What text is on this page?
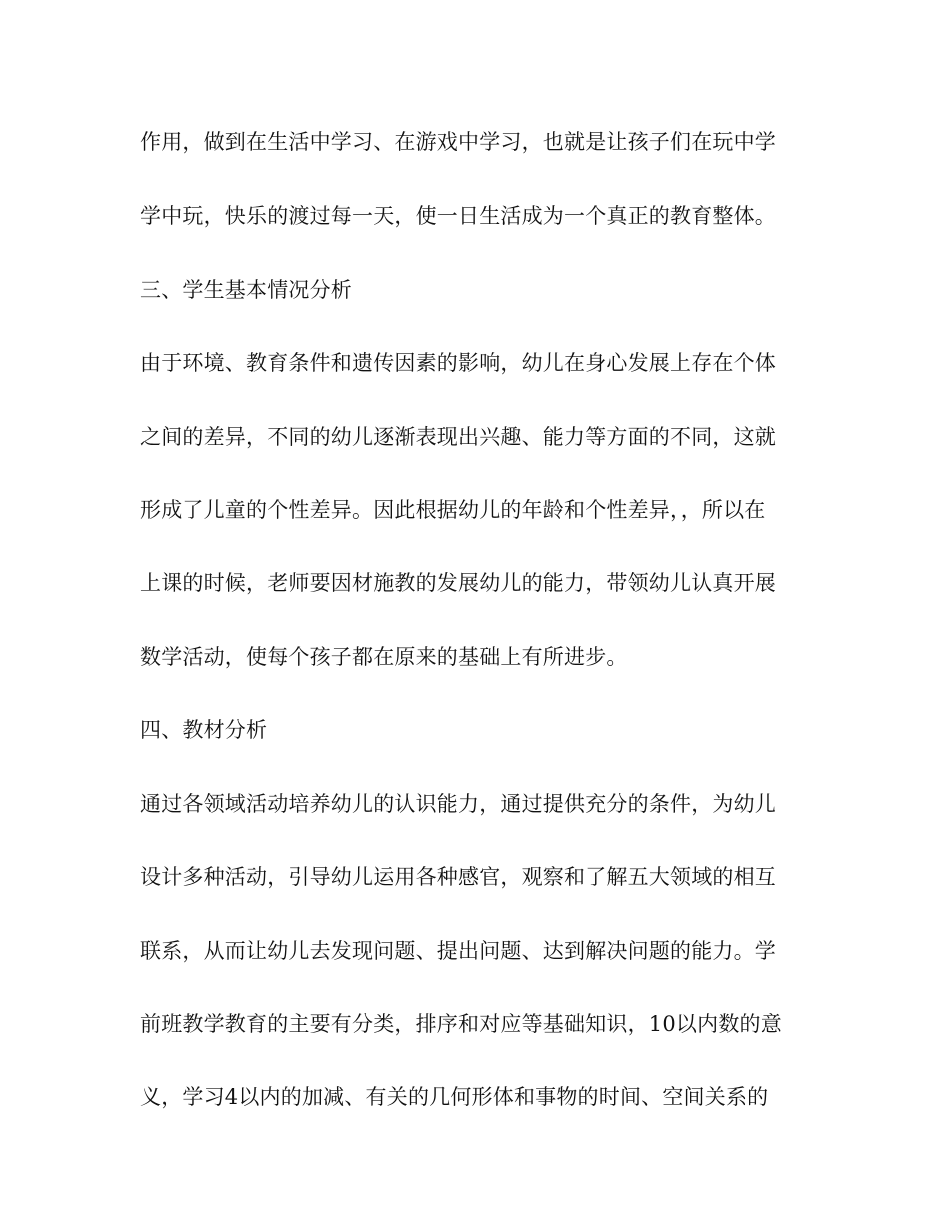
作用，做到在生活中学习、在游戏中学习，也就是让孩子们在玩中学
学中玩，快乐的渡过每一天，使一日生活成为一个真正的教育整体。
三、学生基本情况分析
由于环境、教育条件和遗传因素的影响，幼儿在身心发展上存在个体
之间的差异，不同的幼儿逐渐表现出兴趣、能力等方面的不同，这就
形成了儿童的个性差异。因此根据幼儿的年龄和个性差异，，所以在
上课的时候，老师要因材施教的发展幼儿的能力，带领幼儿认真开展
数学活动，使每个孩子都在原来的基础上有所进步。
四、教材分析
通过各领域活动培养幼儿的认识能力，通过提供充分的条件，为幼儿
设计多种活动，引导幼儿运用各种感官，观察和了解五大领域的相互
联系，从而让幼儿去发现问题、提出问题、达到解决问题的能力。学
前班教学教育的主要有分类，排序和对应等基础知识，10以内数的意
义，学习4以内的加减、有关的几何形体和事物的时间、空间关系的
